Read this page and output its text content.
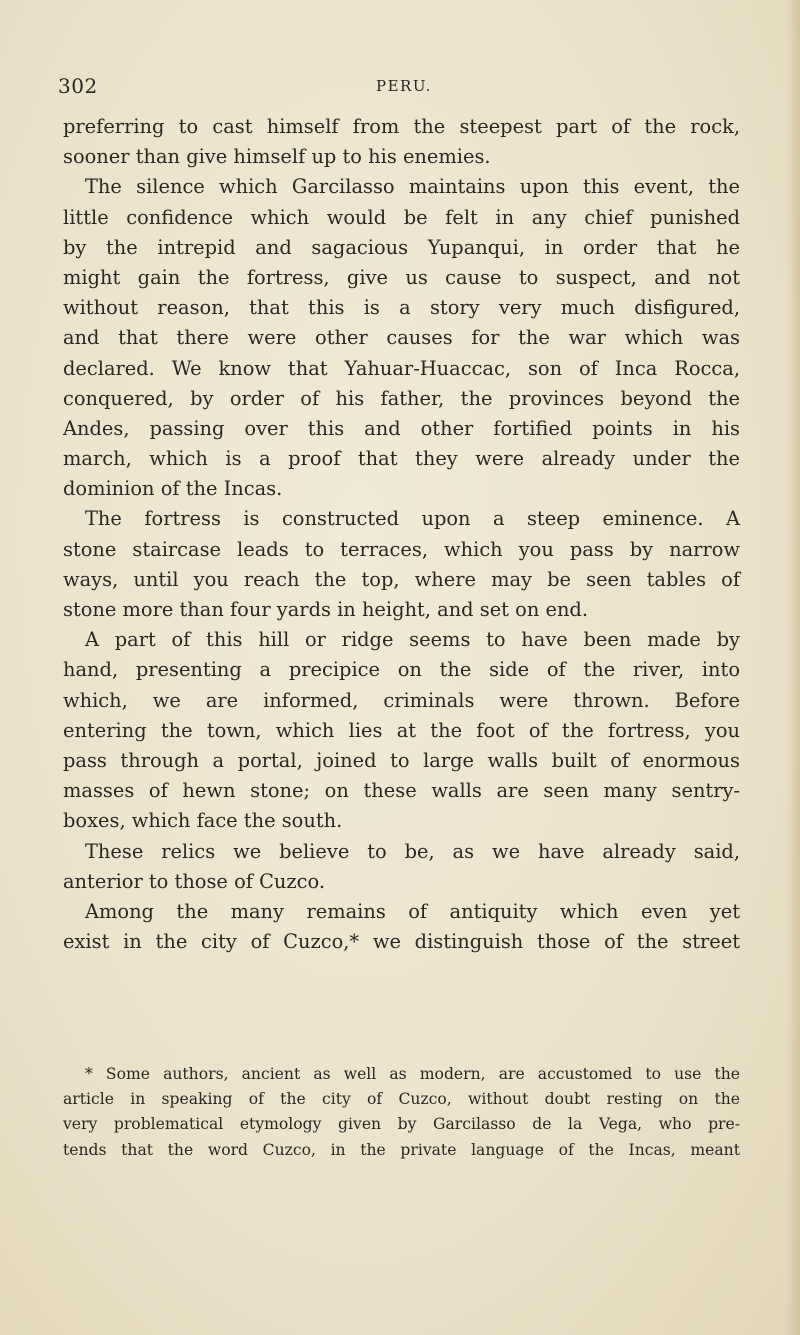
302	PERU.
preferring to cast himself from the steepest part of the rock,
sooner than give himself up to his enemies.
The silence which Garcilasso maintains upon this event, the
little confidence which would be felt in any chief punished
by the intrepid and sagacious Yupanqui, in order that he
might gain the fortress, give us cause to suspect, and not
without reason, that this is a story very much disfigured,
and that there were other causes for the war which was
declared. We know that Yahuar-Huaccac, son of Inca Rocca,
conquered, by order of his father, the provinces beyond the
Andes, passing over this and other fortified points in his
march, which is a proof that they were already under the
dominion of the Incas.
The fortress is constructed upon a steep eminence. A
stone staircase leads to terraces, which you pass by narrow
ways, until you reach the top, where may be seen tables of
stone more than four yards in height, and set on end.
A part of this hill or ridge seems to have been made by
hand, presenting a precipice on the side of the river, into
which, we are informed, criminals were thrown. Before
entering the town, which lies at the foot of the fortress, you
pass through a portal, joined to large walls built of enormous
masses of hewn stone; on these walls are seen many sentry-
boxes, which face the south.
These relics we believe to be, as we have already said,
anterior to those of Cuzco.
Among the many remains of antiquity which even yet
exist in the city of Cuzco,* we distinguish those of the street
* Some authors, ancient as well as modern, are accustomed to use the
article in speaking of the city of Cuzco, without doubt resting on the
very problematical etymology given by Garcilasso de la Vega, who pre-
tends that the word Cuzco, in the private language of the Incas, meant
